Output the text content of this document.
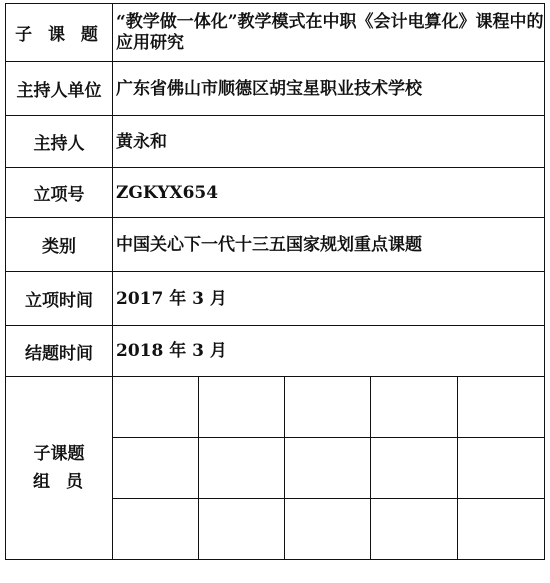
子 课 题	“教学做一体化”教学模式在中职《会计电算化》课程中的应用研究				
主持人单位	广东省佛山市顺德区胡宝星职业技术学校				
主持人	黄永和				
立项号	ZGKYX654				
类别	中国关心下一代十三五国家规划重点课题				
立项时间	2017 年 3 月				
结题时间	2018 年 3 月				

子课题
组员					
